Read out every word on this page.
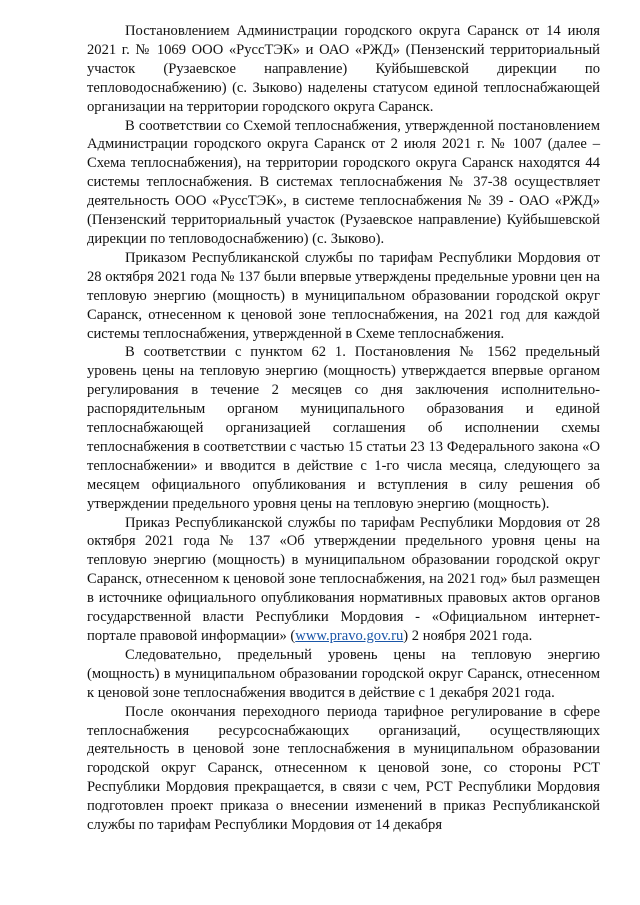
Постановлением Администрации городского округа Саранск от 14 июля 2021 г. № 1069 ООО «РуссТЭК» и ОАО «РЖД» (Пензенский территориальный участок (Рузаевское направление) Куйбышевской дирекции по тепловодоснабжению) (с. Зыково) наделены статусом единой теплоснабжающей организации на территории городского округа Саранск.

В соответствии со Схемой теплоснабжения, утвержденной постановлением Администрации городского округа Саранск от 2 июля 2021 г. № 1007 (далее – Схема теплоснабжения), на территории городского округа Саранск находятся 44 системы теплоснабжения. В системах теплоснабжения № 37-38 осуществляет деятельность ООО «РуссТЭК», в системе теплоснабжения № 39 - ОАО «РЖД» (Пензенский территориальный участок (Рузаевское направление) Куйбышевской дирекции по тепловодоснабжению) (с. Зыково).

Приказом Республиканской службы по тарифам Республики Мордовия от 28 октября 2021 года № 137 были впервые утверждены предельные уровни цен на тепловую энергию (мощность) в муниципальном образовании городской округ Саранск, отнесенном к ценовой зоне теплоснабжения, на 2021 год для каждой системы теплоснабжения, утвержденной в Схеме теплоснабжения.

В соответствии с пунктом 62 1. Постановления № 1562 предельный уровень цены на тепловую энергию (мощность) утверждается впервые органом регулирования в течение 2 месяцев со дня заключения исполнительно-распорядительным органом муниципального образования и единой теплоснабжающей организацией соглашения об исполнении схемы теплоснабжения в соответствии с частью 15 статьи 23 13 Федерального закона «О теплоснабжении» и вводится в действие с 1-го числа месяца, следующего за месяцем официального опубликования и вступления в силу решения об утверждении предельного уровня цены на тепловую энергию (мощность).

Приказ Республиканской службы по тарифам Республики Мордовия от 28 октября 2021 года № 137 «Об утверждении предельного уровня цены на тепловую энергию (мощность) в муниципальном образовании городской округ Саранск, отнесенном к ценовой зоне теплоснабжения, на 2021 год» был размещен в источнике официального опубликования нормативных правовых актов органов государственной власти Республики Мордовия - «Официальном интернет-портале правовой информации» (www.pravo.gov.ru) 2 ноября 2021 года.

Следовательно, предельный уровень цены на тепловую энергию (мощность) в муниципальном образовании городской округ Саранск, отнесенном к ценовой зоне теплоснабжения вводится в действие с 1 декабря 2021 года.

После окончания переходного периода тарифное регулирование в сфере теплоснабжения ресурсоснабжающих организаций, осуществляющих деятельность в ценовой зоне теплоснабжения в муниципальном образовании городской округ Саранск, отнесенном к ценовой зоне, со стороны РСТ Республики Мордовия прекращается, в связи с чем, РСТ Республики Мордовия подготовлен проект приказа о внесении изменений в приказ Республиканской службы по тарифам Республики Мордовия от 14 декабря
